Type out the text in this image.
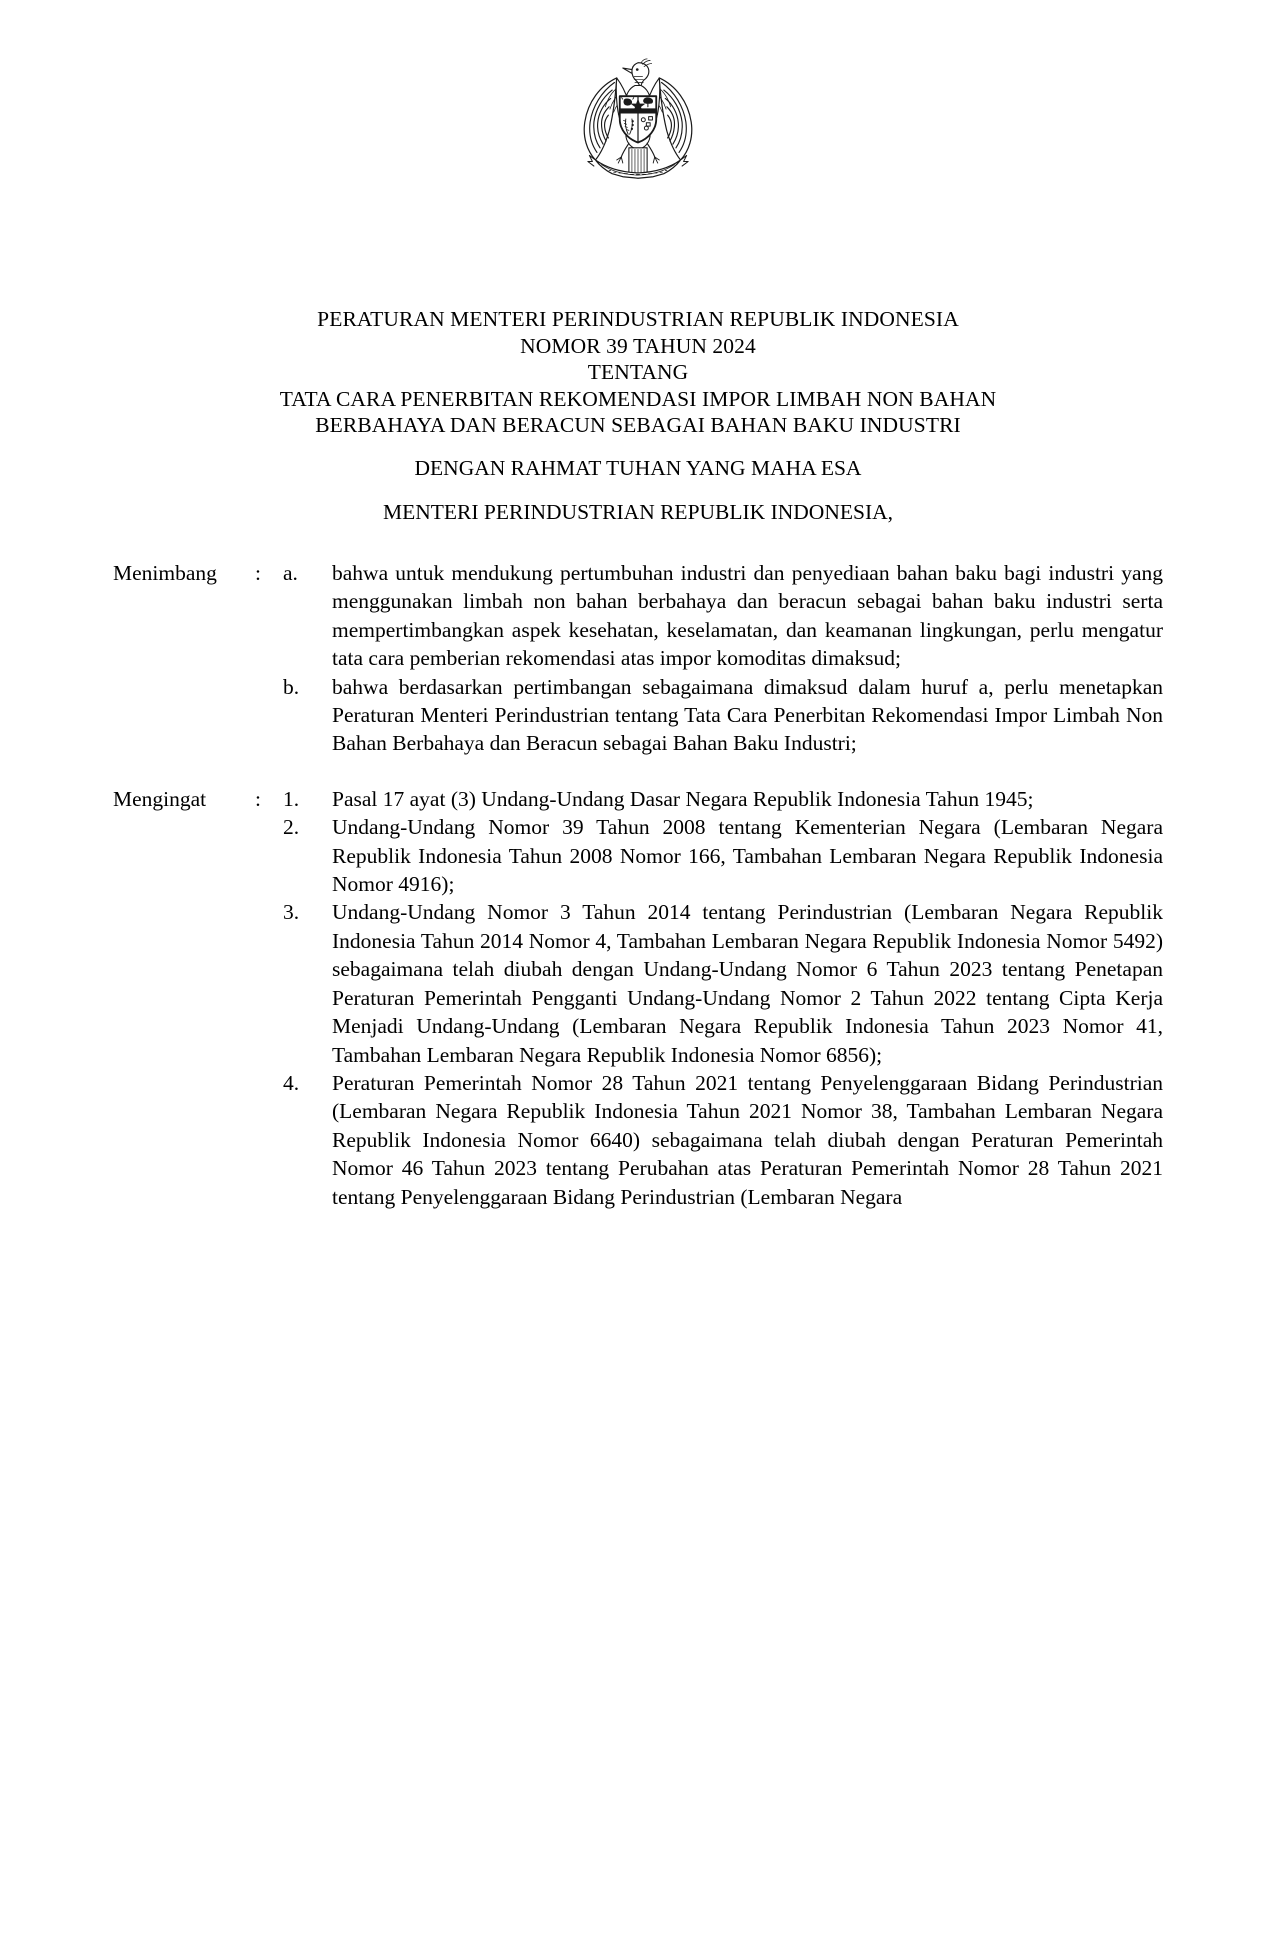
PERATURAN MENTERI PERINDUSTRIAN REPUBLIK INDONESIA
NOMOR 39 TAHUN 2024
TENTANG
TATA CARA PENERBITAN REKOMENDASI IMPOR LIMBAH NON BAHAN
BERBAHAYA DAN BERACUN SEBAGAI BAHAN BAKU INDUSTRI
DENGAN RAHMAT TUHAN YANG MAHA ESA
MENTERI PERINDUSTRIAN REPUBLIK INDONESIA,
Menimbang	:	a.	bahwa untuk mendukung pertumbuhan industri dan penyediaan bahan baku bagi industri yang menggunakan limbah non bahan berbahaya dan beracun sebagai bahan baku industri serta mempertimbangkan aspek kesehatan, keselamatan, dan keamanan lingkungan, perlu mengatur tata cara pemberian rekomendasi atas impor komoditas dimaksud;
b.	bahwa berdasarkan pertimbangan sebagaimana dimaksud dalam huruf a, perlu menetapkan Peraturan Menteri Perindustrian tentang Tata Cara Penerbitan Rekomendasi Impor Limbah Non Bahan Berbahaya dan Beracun sebagai Bahan Baku Industri;
Mengingat	:	1.	Pasal 17 ayat (3) Undang-Undang Dasar Negara Republik Indonesia Tahun 1945;
2.	Undang-Undang Nomor 39 Tahun 2008 tentang Kementerian Negara (Lembaran Negara Republik Indonesia Tahun 2008 Nomor 166, Tambahan Lembaran Negara Republik Indonesia Nomor 4916);
3.	Undang-Undang Nomor 3 Tahun 2014 tentang Perindustrian (Lembaran Negara Republik Indonesia Tahun 2014 Nomor 4, Tambahan Lembaran Negara Republik Indonesia Nomor 5492) sebagaimana telah diubah dengan Undang-Undang Nomor 6 Tahun 2023 tentang Penetapan Peraturan Pemerintah Pengganti Undang-Undang Nomor 2 Tahun 2022 tentang Cipta Kerja Menjadi Undang-Undang (Lembaran Negara Republik Indonesia Tahun 2023 Nomor 41, Tambahan Lembaran Negara Republik Indonesia Nomor 6856);
4.	Peraturan Pemerintah Nomor 28 Tahun 2021 tentang Penyelenggaraan Bidang Perindustrian (Lembaran Negara Republik Indonesia Tahun 2021 Nomor 38, Tambahan Lembaran Negara Republik Indonesia Nomor 6640) sebagaimana telah diubah dengan Peraturan Pemerintah Nomor 46 Tahun 2023 tentang Perubahan atas Peraturan Pemerintah Nomor 28 Tahun 2021 tentang Penyelenggaraan Bidang Perindustrian (Lembaran Negara
